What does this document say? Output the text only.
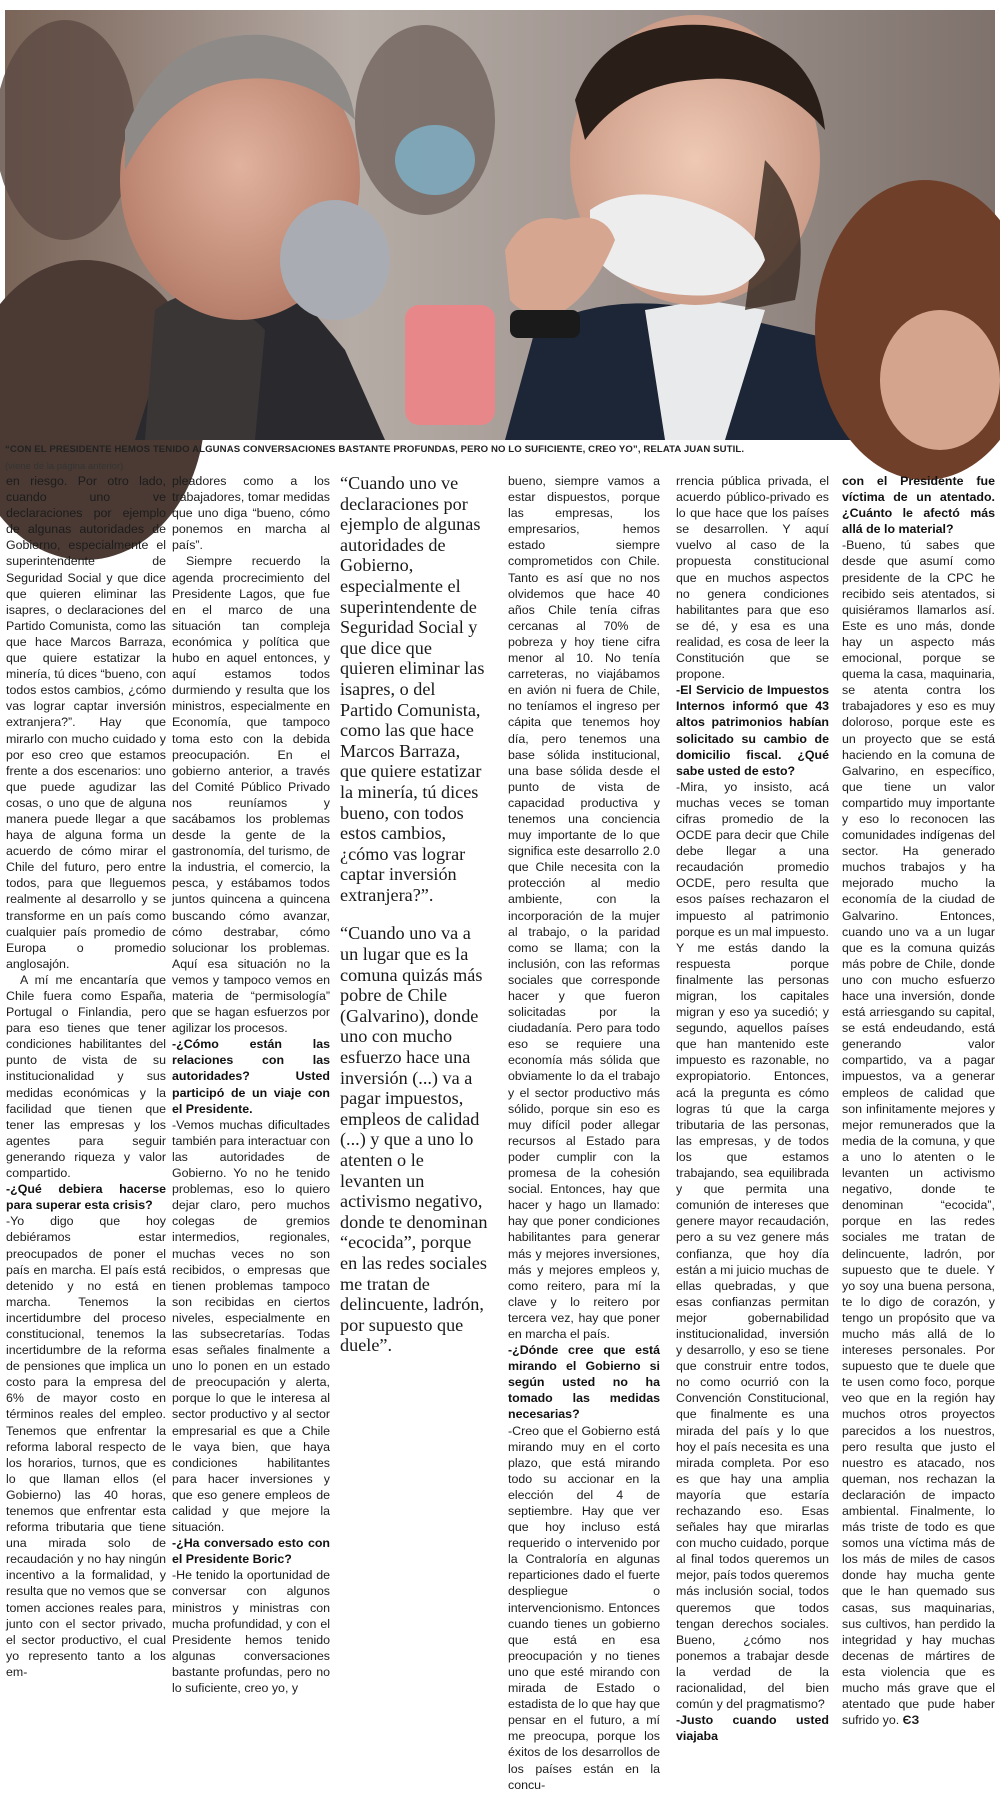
“CON EL PRESIDENTE HEMOS TENIDO ALGUNAS CONVERSACIONES BASTANTE PROFUNDAS, PERO NO LO SUFICIENTE, CREO YO”, RELATA JUAN SUTIL.
(viene de la página anterior)

en riesgo. Por otro lado, cuando uno ve declaraciones por ejemplo de algunas autoridades de Gobierno, especialmente el superintendente de Seguridad Social y que dice que quieren eliminar las isapres, o declaraciones del Partido Comunista, como las que hace Marcos Barraza, que quiere estatizar la minería, tú dices “bueno, con todos estos cambios, ¿cómo vas lograr captar inversión extranjera?”. Hay que mirarlo con mucho cuidado y por eso creo que estamos frente a dos escenarios: uno que puede agudizar las cosas, o uno que de alguna manera puede llegar a que haya de alguna forma un acuerdo de cómo mirar el Chile del futuro, pero entre todos, para que lleguemos realmente al desarrollo y se transforme en un país como cualquier país promedio de Europa o promedio anglosajón.

A mí me encantaría que Chile fuera como España, Portugal o Finlandia, pero para eso tienes que tener condiciones habilitantes del punto de vista de su institucionalidad y sus medidas económicas y la facilidad que tienen que tener las empresas y los agentes para seguir generando riqueza y valor compartido.

-¿Qué debiera hacerse para superar esta crisis?

-Yo digo que hoy debiéramos estar preocupados de poner el país en marcha. El país está detenido y no está en marcha. Tenemos la incertidumbre del proceso constitucional, tenemos la incertidumbre de la reforma de pensiones que implica un costo para la empresa del 6% de mayor costo en términos reales del empleo. Tenemos que enfrentar la reforma laboral respecto de los horarios, turnos, que es lo que llaman ellos (el Gobierno) las 40 horas, tenemos que enfrentar esta reforma tributaria que tiene una mirada solo de recaudación y no hay ningún incentivo a la formalidad, y resulta que no vemos que se tomen acciones reales para, junto con el sector privado, el sector productivo, el cual yo represento tanto a los em-

pleadores como a los trabajadores, tomar medidas que uno diga “bueno, cómo ponemos en marcha al país”.

Siempre recuerdo la agenda procrecimiento del Presidente Lagos, que fue en el marco de una situación tan compleja económica y política que hubo en aquel entonces, y aquí estamos todos durmiendo y resulta que los ministros, especialmente en Economía, que tampoco toma esto con la debida preocupación. En el gobierno anterior, a través del Comité Público Privado nos reuníamos y sacábamos los problemas desde la gente de la gastronomía, del turismo, de la industria, el comercio, la pesca, y estábamos todos juntos quincena a quincena buscando cómo avanzar, cómo destrabar, cómo solucionar los problemas. Aquí esa situación no la vemos y tampoco vemos en materia de “permisología” que se hagan esfuerzos por agilizar los procesos.

-¿Cómo están las relaciones con las autoridades? Usted participó de un viaje con el Presidente.

-Vemos muchas dificultades también para interactuar con las autoridades de Gobierno. Yo no he tenido problemas, eso lo quiero dejar claro, pero muchos colegas de gremios intermedios, regionales, muchas veces no son recibidos, o empresas que tienen problemas tampoco son recibidas en ciertos niveles, especialmente en las subsecretarías. Todas esas señales finalmente a uno lo ponen en un estado de preocupación y alerta, porque lo que le interesa al sector productivo y al sector empresarial es que a Chile le vaya bien, que haya condiciones habilitantes para hacer inversiones y que eso genere empleos de calidad y que mejore la situación.

-¿Ha conversado esto con el Presidente Boric?

-He tenido la oportunidad de conversar con algunos ministros y ministras con mucha profundidad, y con el Presidente hemos tenido algunas conversaciones bastante profundas, pero no lo suficiente, creo yo, y

“Cuando uno ve declaraciones por ejemplo de algunas autoridades de Gobierno, especialmente el superintendente de Seguridad Social y que dice que quieren eliminar las isapres, o del Partido Comunista, como las que hace Marcos Barraza, que quiere estatizar la minería, tú dices bueno, con todos estos cambios, ¿cómo vas lograr captar inversión extranjera?”.

“Cuando uno va a un lugar que es la comuna quizás más pobre de Chile (Galvarino), donde uno con mucho esfuerzo hace una inversión (...) va a pagar impuestos, empleos de calidad (...) y que a uno lo atenten o le levanten un activismo negativo, donde te denominan “ecocida”, porque en las redes sociales me tratan de delincuente, ladrón, por supuesto que duele”.

bueno, siempre vamos a estar dispuestos, porque las empresas, los empresarios, hemos estado siempre comprometidos con Chile. Tanto es así que no nos olvidemos que hace 40 años Chile tenía cifras cercanas al 70% de pobreza y hoy tiene cifra menor al 10. No tenía carreteras, no viajábamos en avión ni fuera de Chile, no teníamos el ingreso per cápita que tenemos hoy día, pero tenemos una base sólida institucional, una base sólida desde el punto de vista de capacidad productiva y tenemos una conciencia muy importante de lo que significa este desarrollo 2.0 que Chile necesita con la protección al medio ambiente, con la incorporación de la mujer al trabajo, o la paridad como se llama; con la inclusión, con las reformas sociales que corresponde hacer y que fueron solicitadas por la ciudadanía. Pero para todo eso se requiere una economía más sólida que obviamente lo da el trabajo y el sector productivo más sólido, porque sin eso es muy difícil poder allegar recursos al Estado para poder cumplir con la promesa de la cohesión social. Entonces, hay que hacer y hago un llamado: hay que poner condiciones habilitantes para generar más y mejores inversiones, más y mejores empleos y, como reitero, para mí la clave y lo reitero por tercera vez, hay que poner en marcha el país.

-¿Dónde cree que está mirando el Gobierno si según usted no ha tomado las medidas necesarias?

-Creo que el Gobierno está mirando muy en el corto plazo, que está mirando todo su accionar en la elección del 4 de septiembre. Hay que ver que hoy incluso está requerido o intervenido por la Contraloría en algunas reparticiones dado el fuerte despliegue o intervencionismo. Entonces cuando tienes un gobierno que está en esa preocupación y no tienes uno que esté mirando con mirada de Estado o estadista de lo que hay que pensar en el futuro, a mí me preocupa, porque los éxitos de los desarrollos de los países están en la concu-

rrencia pública privada, el acuerdo público-privado es lo que hace que los países se desarrollen. Y aquí vuelvo al caso de la propuesta constitucional que en muchos aspectos no genera condiciones habilitantes para que eso se dé, y esa es una realidad, es cosa de leer la Constitución que se propone.

-El Servicio de Impuestos Internos informó que 43 altos patrimonios habían solicitado su cambio de domicilio fiscal. ¿Qué sabe usted de esto?

-Mira, yo insisto, acá muchas veces se toman cifras promedio de la OCDE para decir que Chile debe llegar a una recaudación promedio OCDE, pero resulta que esos países rechazaron el impuesto al patrimonio porque es un mal impuesto. Y me estás dando la respuesta porque finalmente las personas migran, los capitales migran y eso ya sucedió; y segundo, aquellos países que han mantenido este impuesto es razonable, no expropiatorio. Entonces, acá la pregunta es cómo logras tú que la carga tributaria de las personas, las empresas, y de todos los que estamos trabajando, sea equilibrada y que permita una comunión de intereses que genere mayor recaudación, pero a su vez genere más confianza, que hoy día están a mi juicio muchas de ellas quebradas, y que esas confianzas permitan mejor gobernabilidad institucionalidad, inversión y desarrollo, y eso se tiene que construir entre todos, no como ocurrió con la Convención Constitucional, que finalmente es una mirada del país y lo que hoy el país necesita es una mirada completa. Por eso es que hay una amplia mayoría que estaría rechazando eso. Esas señales hay que mirarlas con mucho cuidado, porque al final todos queremos un mejor, país todos queremos más inclusión social, todos queremos que todos tengan derechos sociales. Bueno, ¿cómo nos ponemos a trabajar desde la verdad de la racionalidad, del bien común y del pragmatismo?

-Justo cuando usted viajaba

con el Presidente fue víctima de un atentado. ¿Cuánto le afectó más allá de lo material?

-Bueno, tú sabes que desde que asumí como presidente de la CPC he recibido seis atentados, si quisiéramos llamarlos así. Este es uno más, donde hay un aspecto más emocional, porque se quema la casa, maquinaria, se atenta contra los trabajadores y eso es muy doloroso, porque este es un proyecto que se está haciendo en la comuna de Galvarino, en específico, que tiene un valor compartido muy importante y eso lo reconocen las comunidades indígenas del sector. Ha generado muchos trabajos y ha mejorado mucho la economía de la ciudad de Galvarino. Entonces, cuando uno va a un lugar que es la comuna quizás más pobre de Chile, donde uno con mucho esfuerzo hace una inversión, donde está arriesgando su capital, se está endeudando, está generando valor compartido, va a pagar impuestos, va a generar empleos de calidad que son infinitamente mejores y mejor remunerados que la media de la comuna, y que a uno lo atenten o le levanten un activismo negativo, donde te denominan “ecocida”, porque en las redes sociales me tratan de delincuente, ladrón, por supuesto que te duele. Y yo soy una buena persona, te lo digo de corazón, y tengo un propósito que va mucho más allá de lo intereses personales. Por supuesto que te duele que te usen como foco, porque veo que en la región hay muchos otros proyectos parecidos a los nuestros, pero resulta que justo el nuestro es atacado, nos queman, nos rechazan la declaración de impacto ambiental. Finalmente, lo más triste de todo es que somos una víctima más de los más de miles de casos donde hay mucha gente que le han quemado sus casas, sus maquinarias, sus cultivos, han perdido la integridad y hay muchas decenas de mártires de esta violencia que es mucho más grave que el atentado que pude haber sufrido yo. ЄЗ
